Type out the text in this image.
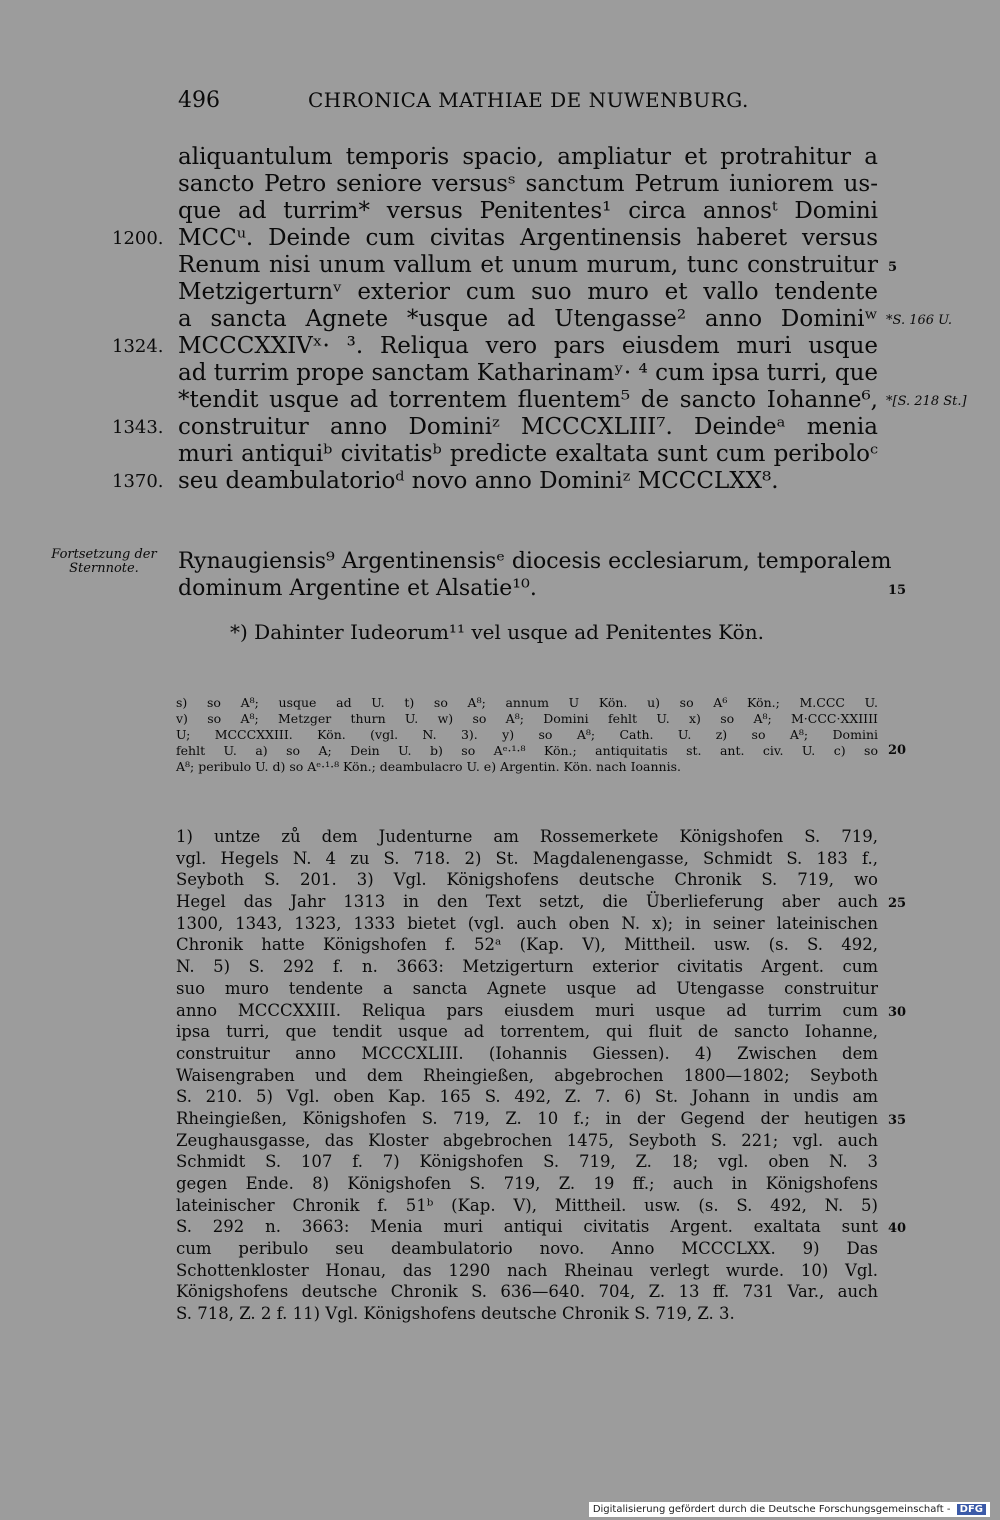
496	CHRONICA MATHIAE DE NUWENBURG.
aliquantulum temporis spacio, ampliatur et protrahitur a
sancto Petro seniore versusˢ sanctum Petrum iuniorem us-
que ad turrim* versus Penitentes¹ circa annosᵗ Domini
MCCᵘ. Deinde cum civitas Argentinensis haberet versus
1200.
Renum nisi unum vallum et unum murum, tunc construitur 5
Metzigerturnᵛ exterior cum suo muro et vallo tendente
a sancta Agnete *usque ad Utengasse² anno Dominiʷ *S. 166 U.
MCCCXXIVˣ· ³. Reliqua vero pars eiusdem muri usque
1324.
ad turrim prope sanctam Katharinamʸ· ⁴ cum ipsa turri, que
*tendit usque ad torrentem fluentem⁵ de sancto Iohanne⁶, *[S. 218 St.]
construitur anno Dominiᶻ MCCCXLIII⁷. Deindeᵃ menia
1343.
muri antiquiᵇ civitatisᵇ predicte exaltata sunt cum periboloᶜ
seu deambulatorioᵈ novo anno Dominiᶻ MCCCLXX⁸.
1370.
Fortsetzung der Sternnote.	Rynaugiensis⁹ Argentinensisᵉ diocesis ecclesiarum, temporalem
dominum Argentine et Alsatie¹⁰.	15
*) Dahinter Iudeorum¹¹ vel usque ad Penitentes Kön.
s) so A⁸; usque ad U. t) so A⁸; annum U Kön. u) so A⁶ Kön.; M.CCC U.
v) so A⁸; Metzger thurn U. w) so A⁸; Domini fehlt U. x) so A⁸; M·CCC·XXIIII
U; MCCCXXIII. Kön. (vgl. N. 3). y) so A⁸; Cath. U. z) so A⁸; Domini
fehlt U. a) so A; Dein U. b) so Aᵉ·¹·⁸ Kön.; antiquitatis st. ant. civ. U. c) so 20
A⁸; peribulo U. d) so Aᵉ·¹·⁸ Kön.; deambulacro U. e) Argentin. Kön. nach Ioannis.
1) untze zů dem Judenturne am Rossemerkete Königshofen S. 719,
vgl. Hegels N. 4 zu S. 718. 2) St. Magdalenengasse, Schmidt S. 183 f.,
Seyboth S. 201. 3) Vgl. Königshofens deutsche Chronik S. 719, wo
Hegel das Jahr 1313 in den Text setzt, die Überlieferung aber auch 25
1300, 1343, 1323, 1333 bietet (vgl. auch oben N. x); in seiner lateinischen
Chronik hatte Königshofen f. 52ᵃ (Kap. V), Mittheil. usw. (s. S. 492,
N. 5) S. 292 f. n. 3663: Metzigerturn exterior civitatis Argent. cum
suo muro tendente a sancta Agnete usque ad Utengasse construitur
anno MCCCXXIII. Reliqua pars eiusdem muri usque ad turrim cum 30
ipsa turri, que tendit usque ad torrentem, qui fluit de sancto Iohanne,
construitur anno MCCCXLIII. (Iohannis Giessen). 4) Zwischen dem
Waisengraben und dem Rheingießen, abgebrochen 1800—1802; Seyboth
S. 210. 5) Vgl. oben Kap. 165 S. 492, Z. 7. 6) St. Johann in undis am
Rheingießen, Königshofen S. 719, Z. 10 f.; in der Gegend der heutigen 35
Zeughausgasse, das Kloster abgebrochen 1475, Seyboth S. 221; vgl. auch
Schmidt S. 107 f. 7) Königshofen S. 719, Z. 18; vgl. oben N. 3
gegen Ende. 8) Königshofen S. 719, Z. 19 ff.; auch in Königshofens
lateinischer Chronik f. 51ᵇ (Kap. V), Mittheil. usw. (s. S. 492, N. 5)
S. 292 n. 3663: Menia muri antiqui civitatis Argent. exaltata sunt 40
cum peribulo seu deambulatorio novo. Anno MCCCLXX. 9) Das
Schottenkloster Honau, das 1290 nach Rheinau verlegt wurde. 10) Vgl.
Königshofens deutsche Chronik S. 636—640. 704, Z. 13 ff. 731 Var., auch
S. 718, Z. 2 f. 11) Vgl. Königshofens deutsche Chronik S. 719, Z. 3.
Digitalisierung gefördert durch die Deutsche Forschungsgemeinschaft - DFG
